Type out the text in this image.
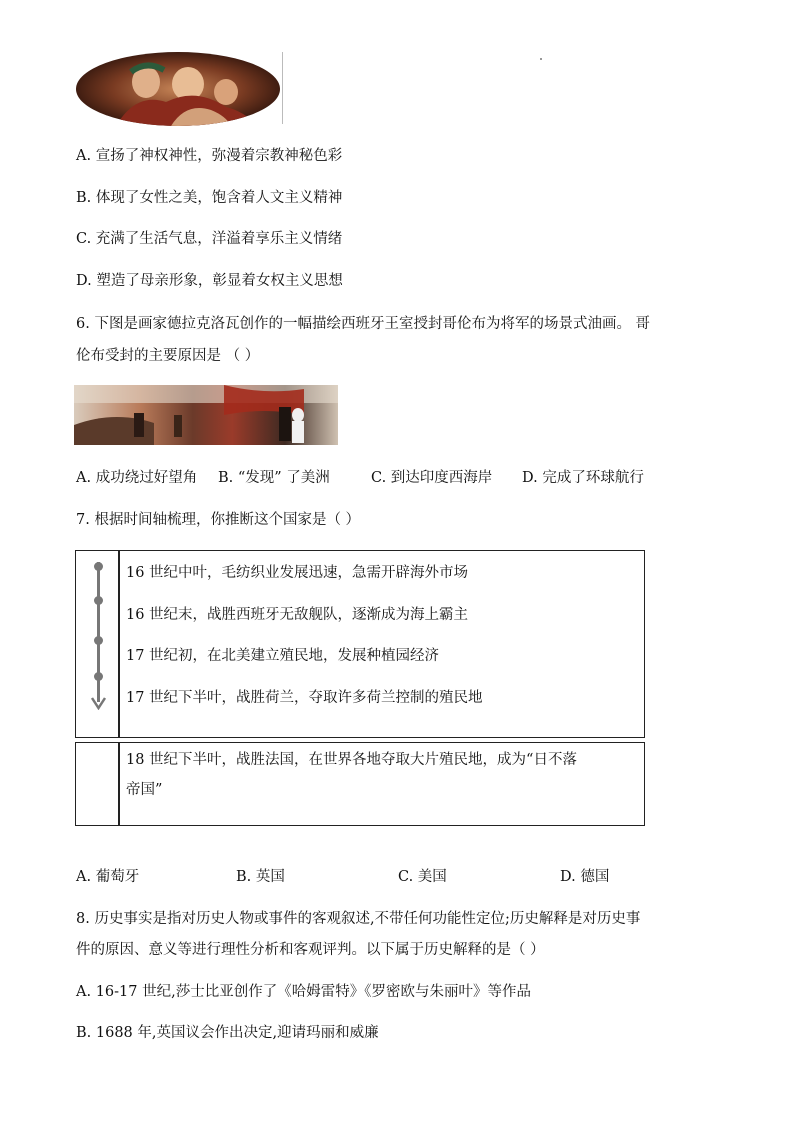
A. 宣扬了神权神性，弥漫着宗教神秘色彩
B. 体现了女性之美，饱含着人文主义精神
C. 充满了生活气息，洋溢着享乐主义情绪
D. 塑造了母亲形象，彰显着女权主义思想
6. 下图是画家德拉克洛瓦创作的一幅描绘西班牙王室授封哥伦布为将军的场景式油画。 哥
伦布受封的主要原因是 （ ）
A. 成功绕过好望角 B. “发现” 了美洲	C. 到达印度西海岸 D. 完成了环球航行
7. 根据时间轴梳理，你推断这个国家是（ ）
16 世纪中叶，毛纺织业发展迅速，急需开辟海外市场
16 世纪末，战胜西班牙无敌舰队，逐渐成为海上霸主
17 世纪初，在北美建立殖民地，发展种植园经济
17 世纪下半叶，战胜荷兰，夺取许多荷兰控制的殖民地
18 世纪下半叶，战胜法国，在世界各地夺取大片殖民地，成为“日不落
帝国”
A. 葡萄牙	B. 英国	C. 美国	D. 德国
8. 历史事实是指对历史人物或事件的客观叙述,不带任何功能性定位;历史解释是对历史事
件的原因、意义等进行理性分析和客观评判。以下属于历史解释的是（ ）
A. 16-17 世纪,莎士比亚创作了《哈姆雷特》《罗密欧与朱丽叶》等作品
B. 1688 年,英国议会作出决定,迎请玛丽和威廉
